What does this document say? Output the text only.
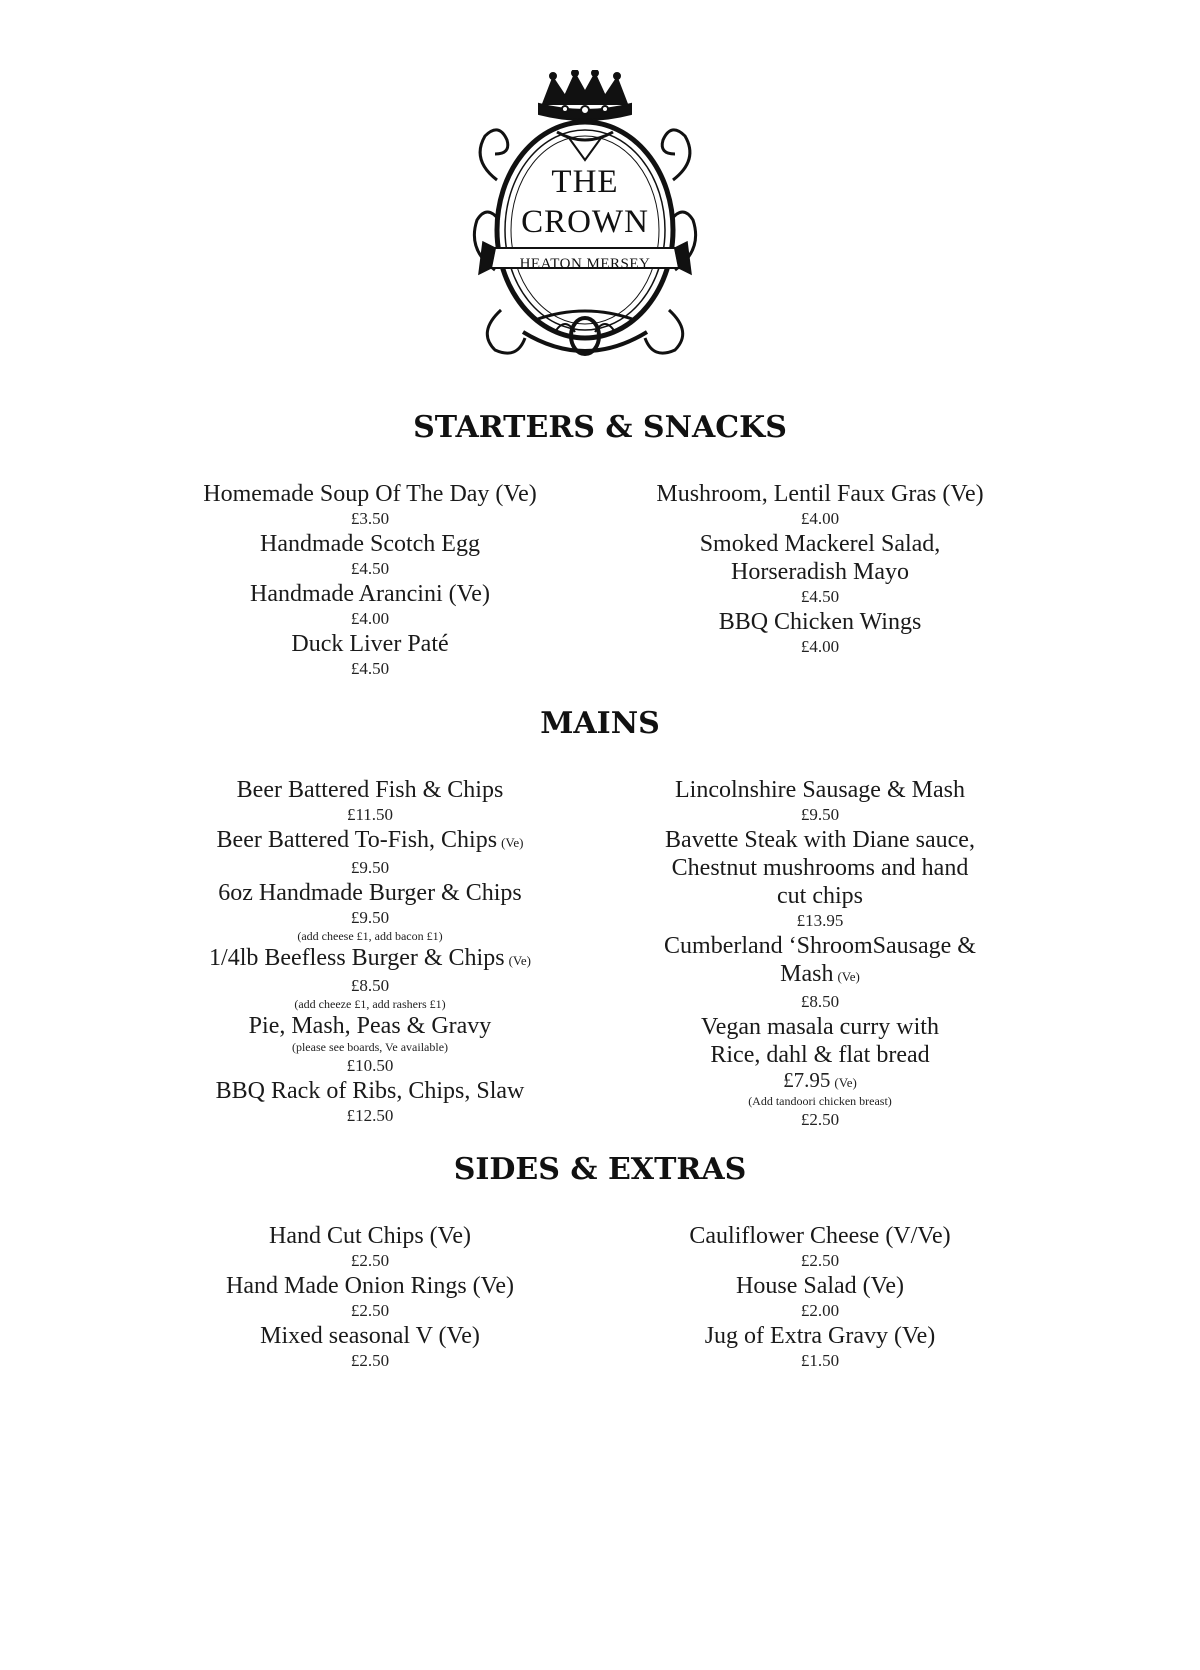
THE
CROWN
HEATON MERSEY
STARTERS & SNACKS
Homemade Soup Of The Day (Ve)
£3.50
Handmade Scotch Egg
£4.50
Handmade Arancini (Ve)
£4.00
Duck Liver Paté
£4.50
Mushroom, Lentil Faux Gras (Ve)
£4.00
Smoked Mackerel Salad,
Horseradish Mayo
£4.50
BBQ Chicken Wings
£4.00
MAINS
Beer Battered Fish & Chips
£11.50
Beer Battered To-Fish, Chips (Ve)
£9.50
6oz Handmade Burger & Chips
£9.50
(add cheese £1, add bacon £1)
1/4lb Beefless Burger & Chips (Ve)
£8.50
(add cheeze £1, add rashers £1)
Pie, Mash, Peas & Gravy
(please see boards, Ve available)
£10.50
BBQ Rack of Ribs, Chips, Slaw
£12.50
Lincolnshire Sausage & Mash
£9.50
Bavette Steak with Diane sauce,
Chestnut mushrooms and hand
cut chips
£13.95
Cumberland ‘ShroomSausage &
Mash (Ve)
£8.50
Vegan masala curry with
Rice, dahl & flat bread
£7.95 (Ve)
(Add tandoori chicken breast)
£2.50
SIDES & EXTRAS
Hand Cut Chips (Ve)
£2.50
Hand Made Onion Rings (Ve)
£2.50
Mixed seasonal V (Ve)
£2.50
Cauliflower Cheese (V/Ve)
£2.50
House Salad (Ve)
£2.00
Jug of Extra Gravy (Ve)
£1.50
